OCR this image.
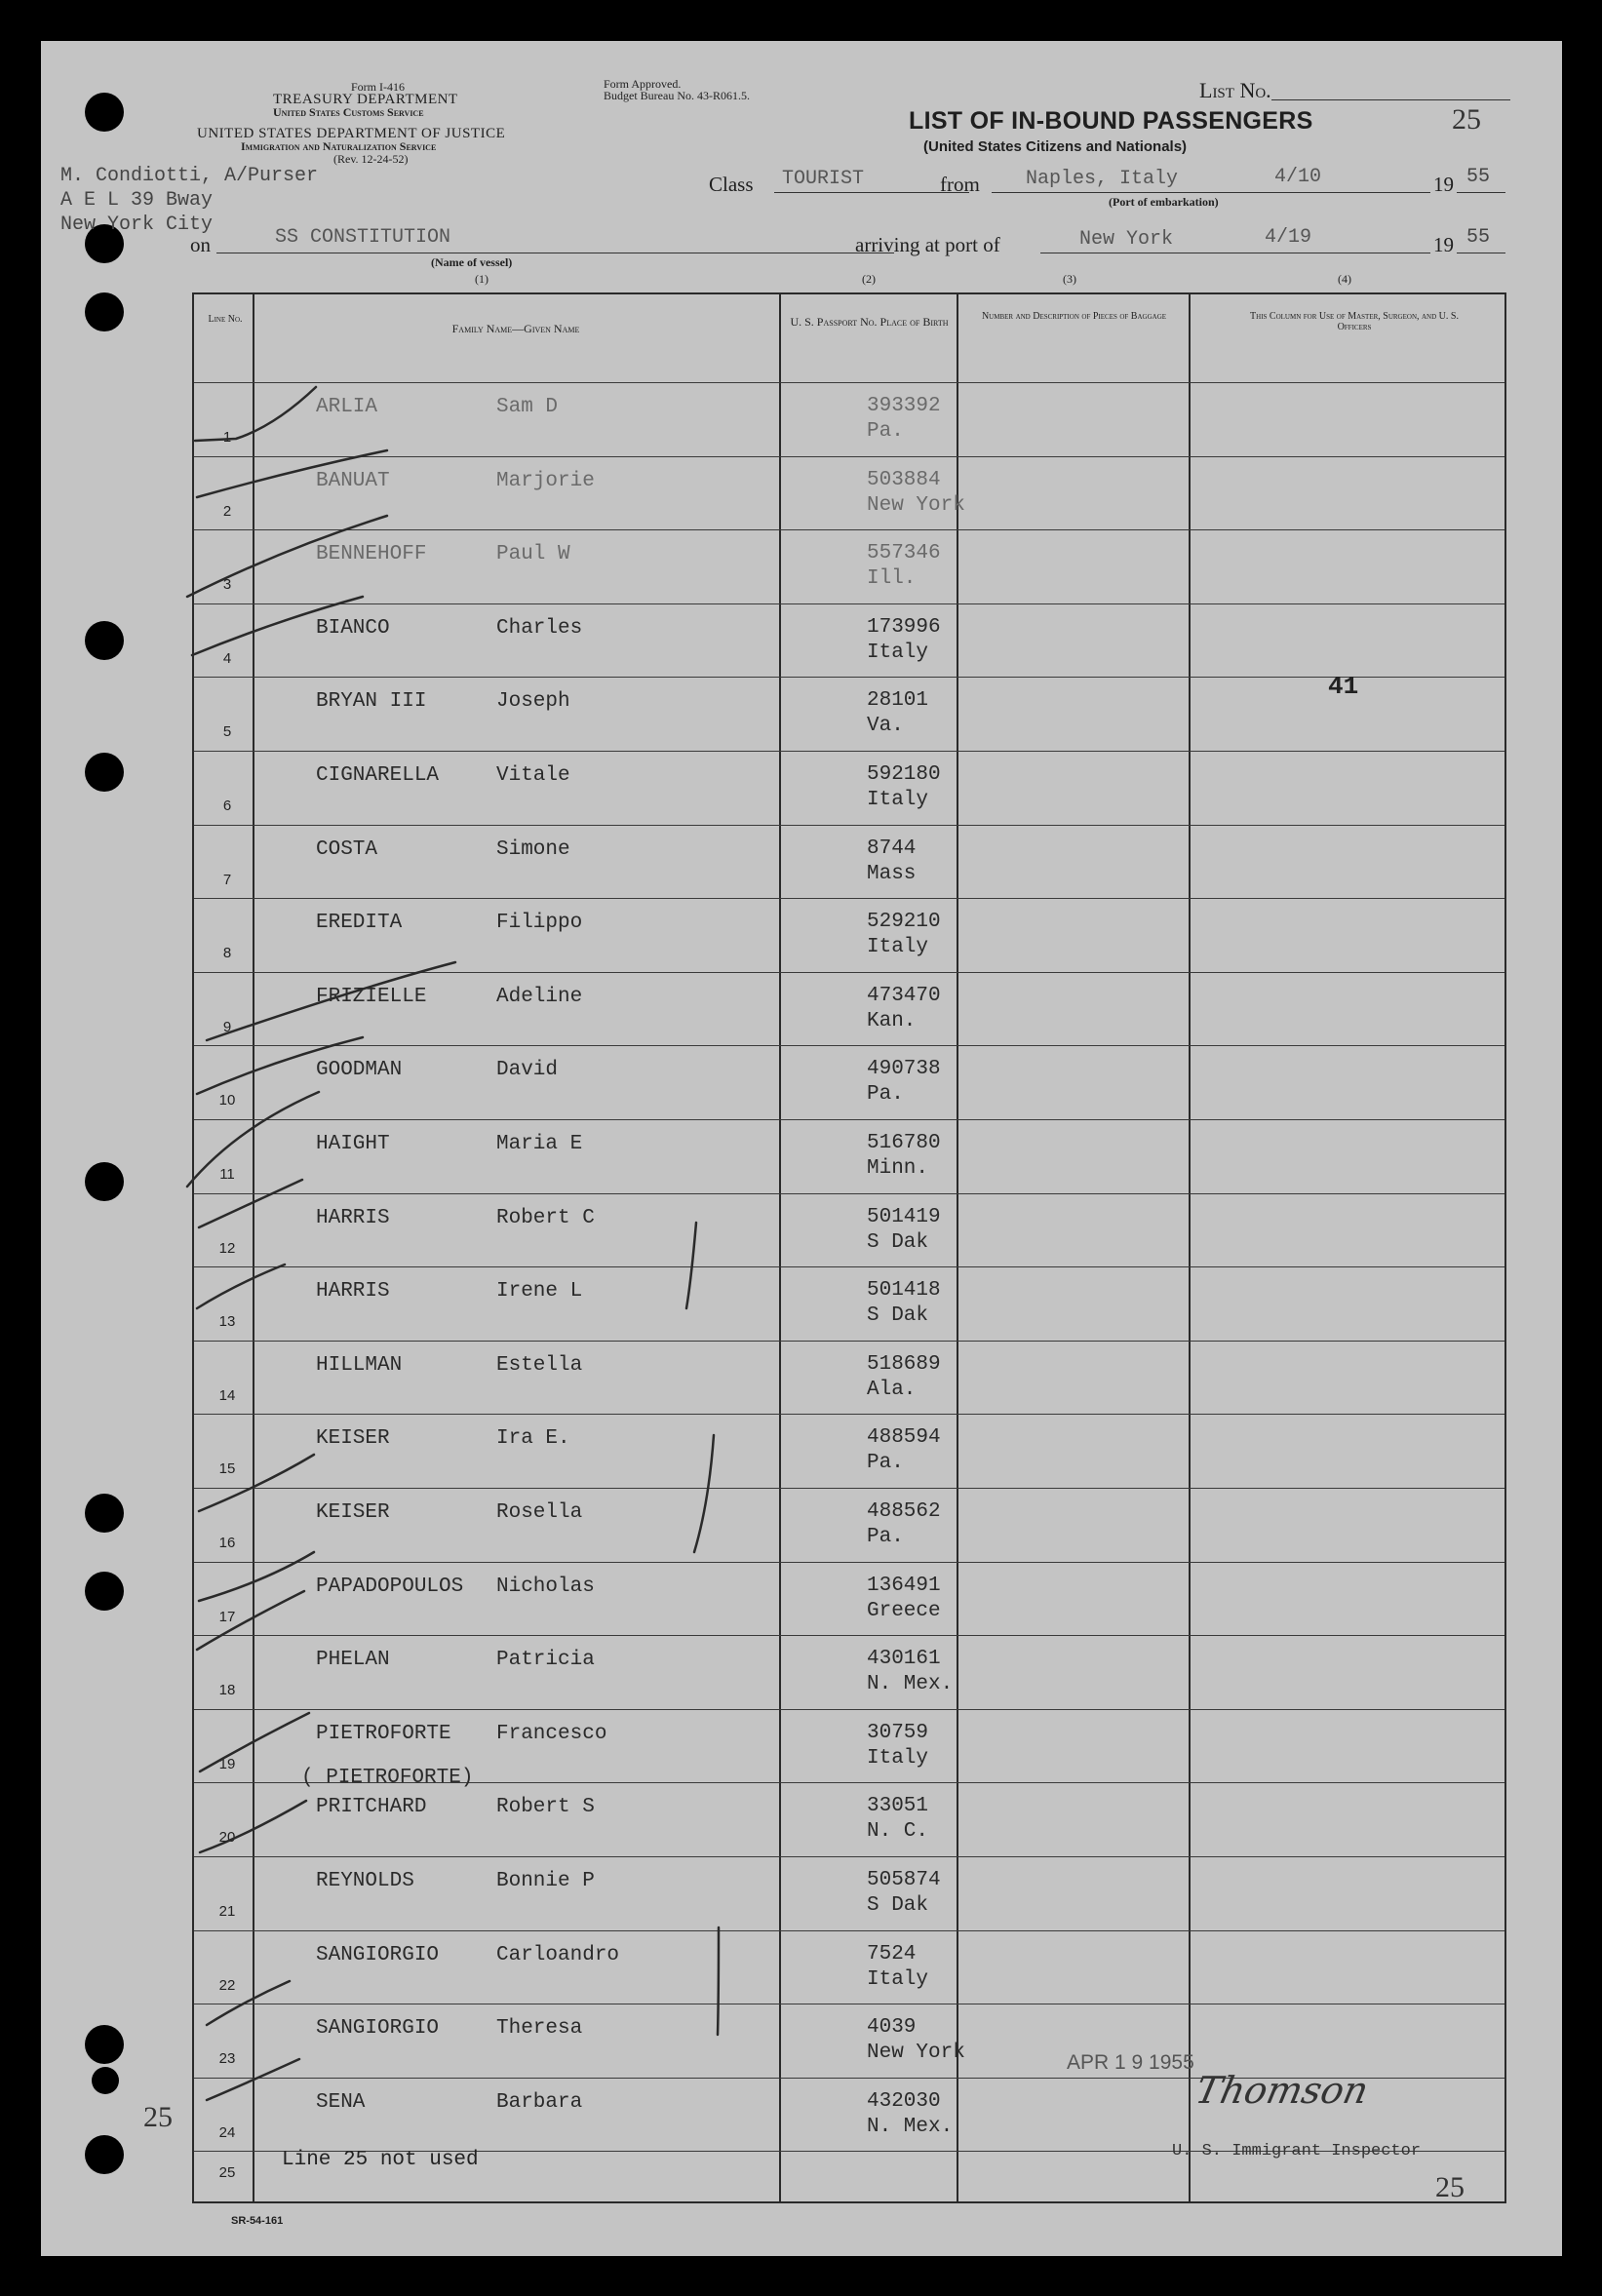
Form I-416
TREASURY DEPARTMENT
United States Customs Service
UNITED STATES DEPARTMENT OF JUSTICE
Immigration and Naturalization Service
(Rev. 12-24-52)
Form Approved.
Budget Bureau No. 43-R061.5.	List No.
25
LIST OF IN-BOUND PASSENGERS
(United States Citizens and Nationals)
M. Condiotti, A/Purser
A E L 39 Bway
New York City
Class TOURIST	from Naples, Italy	4/10	19 55
(Port of embarkation)
on	SS CONSTITUTION
(Name of vessel)
arriving at port of	New York	4/19	19 55
(1)	(2)	(3)	(4)
Line No.
Family Name—Given Name	U. S. Passport No. Place of Birth	Number and Description of Pieces of Baggage	This Column for Use of Master, Surgeon, and U. S. Officers
1
ARLIA	Sam D	393392
Pa.
2
BANUAT	Marjorie	503884
New York
3
BENNEHOFF	Paul W	557346
Ill.
4
BIANCO	Charles	173996
Italy
5
BRYAN III	Joseph	28101
Va.
6
CIGNARELLA	Vitale	592180
Italy
7
COSTA	Simone	8744
Mass
8
EREDITA	Filippo	529210
Italy
9
FRIZIELLE	Adeline	473470
Kan.
10
GOODMAN	David	490738
Pa.
11
HAIGHT	Maria E	516780
Minn.
12
HARRIS	Robert C	501419
S Dak
13
HARRIS	Irene L	501418
S Dak
14
HILLMAN	Estella	518689
Ala.
15
KEISER	Ira E.	488594
Pa.
16
KEISER	Rosella	488562
Pa.
17
PAPADOPOULOS Nicholas	136491
Greece
18
PHELAN	Patricia	430161
N. Mex.
19
PIETROFORTE Francesco	30759
Italy
20
PRITCHARD	Robert S	33051
N. C.
21
REYNOLDS	Bonnie P	505874
S Dak
22
SANGIORGIO	Carloandro	7524
Italy
23
SANGIORGIO	Theresa	4039
New York
24
SENA	Barbara	432030
N. Mex.
25
Line 25 not used
( PIETROFORTE)
41
APR 1 9 1955
Thomson
U. S. Immigrant Inspector
25
25
SR-54-161
